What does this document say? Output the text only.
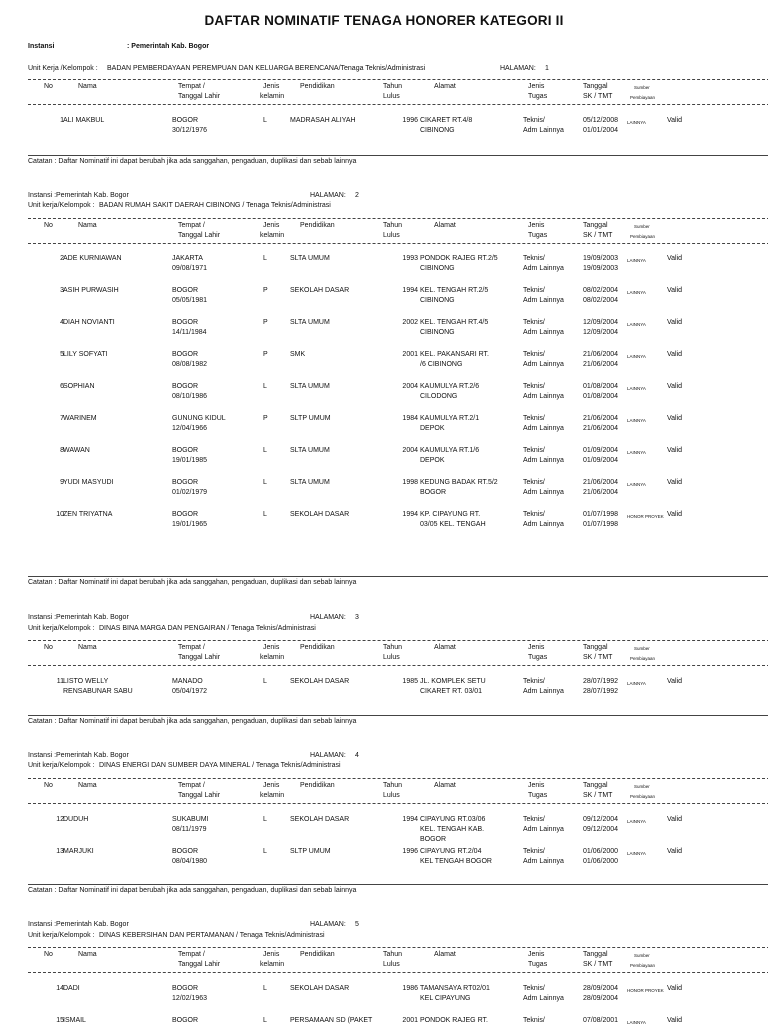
DAFTAR NOMINATIF TENAGA HONORER KATEGORI II
Instansi	: Pemerintah Kab. Bogor
Unit Kerja /Kelompok : BADAN PEMBERDAYAAN PEREMPUAN DAN KELUARGA BERENCANA/Tenaga Teknis/Administrasi	HALAMAN: 1
No	Nama	Tempat /
Tanggal Lahir
Jenis
kelamin
Pendidikan	Tahun
Lulus
Alamat	Jenis
Tugas
Tanggal
SK / TMT
Sumber
Pembiayaan
1 ALI MAKBUL	BOGOR
30/12/1976
L	MADRASAH ALIYAH	1996 CIKARET RT.4/8
CIBINONG
Teknis/
Adm Lainnya
05/12/2008
01/01/2004
LAINNYA	Valid
Catatan : Daftar Nominatif ini dapat berubah jika ada sanggahan, pengaduan, duplikasi dan sebab lainnya
Instansi :Pemerintah Kab. Bogor	HALAMAN: 2
Unit kerja/Kelompok : BADAN RUMAH SAKIT DAERAH CIBINONG / Tenaga Teknis/Administrasi
No	Nama	Tempat /
Tanggal Lahir
Jenis
kelamin
Pendidikan	Tahun
Lulus
Alamat	Jenis
Tugas
Tanggal
SK / TMT
Sumber
Pembiayaan
2 ADE KURNIAWAN	JAKARTA
09/08/1971
L	SLTA UMUM	1993 PONDOK RAJEG RT.2/5
CIBINONG
Teknis/
Adm Lainnya
19/09/2003
19/09/2003
LAINNYA	Valid
3 ASIH PURWASIH	BOGOR
05/05/1981
P	SEKOLAH DASAR	1994 KEL. TENGAH RT.2/5
CIBINONG
Teknis/
Adm Lainnya
08/02/2004
08/02/2004
LAINNYA	Valid
4 DIAH NOVIANTI	BOGOR
14/11/1984
P	SLTA UMUM	2002 KEL. TENGAH RT.4/5
CIBINONG
Teknis/
Adm Lainnya
12/09/2004
12/09/2004
LAINNYA	Valid
5 LILY SOFYATI	BOGOR
08/08/1982
P	SMK	2001 KEL. PAKANSARI RT.
/6 CIBINONG
Teknis/
Adm Lainnya
21/06/2004
21/06/2004
LAINNYA	Valid
6 SOPHIAN	BOGOR
08/10/1986
L	SLTA UMUM	2004 KAUMULYA RT.2/6
CILODONG
Teknis/
Adm Lainnya
01/08/2004
01/08/2004
LAINNYA	Valid
7 WARINEM	GUNUNG KIDUL
12/04/1966
P	SLTP UMUM	1984 KAUMULYA RT.2/1
DEPOK
Teknis/
Adm Lainnya
21/06/2004
21/06/2004
LAINNYA	Valid
8 WAWAN	BOGOR
19/01/1985
L	SLTA UMUM	2004 KAUMULYA RT.1/6
DEPOK
Teknis/
Adm Lainnya
01/09/2004
01/09/2004
LAINNYA	Valid
9 YUDI MASYUDI	BOGOR
01/02/1979
L	SLTA UMUM	1998 KEDUNG BADAK RT.5/2
BOGOR
Teknis/
Adm Lainnya
21/06/2004
21/06/2004
LAINNYA	Valid
10 ZEN TRIYATNA	BOGOR
19/01/1965
L	SEKOLAH DASAR	1994 KP. CIPAYUNG RT.
03/05 KEL. TENGAH
Teknis/
Adm Lainnya
01/07/1998
01/07/1998
HONOR PROYEK Valid
Catatan : Daftar Nominatif ini dapat berubah jika ada sanggahan, pengaduan, duplikasi dan sebab lainnya
Instansi :Pemerintah Kab. Bogor	HALAMAN: 3
Unit kerja/Kelompok : DINAS BINA MARGA DAN PENGAIRAN / Tenaga Teknis/Administrasi
No	Nama	Tempat /
Tanggal Lahir
Jenis
kelamin
Pendidikan	Tahun
Lulus
Alamat	Jenis
Tugas
Tanggal
SK / TMT
Sumber
Pembiayaan
11 LISTO WELLY
RENSABUNAR SABU
MANADO
05/04/1972
L	SEKOLAH DASAR	1985 JL. KOMPLEK SETU
CIKARET RT. 03/01
Teknis/
Adm Lainnya
28/07/1992
28/07/1992
LAINNYA	Valid
Catatan : Daftar Nominatif ini dapat berubah jika ada sanggahan, pengaduan, duplikasi dan sebab lainnya
Instansi :Pemerintah Kab. Bogor	HALAMAN: 4
Unit kerja/Kelompok : DINAS ENERGI DAN SUMBER DAYA MINERAL / Tenaga Teknis/Administrasi
No	Nama	Tempat /
Tanggal Lahir
Jenis
kelamin
Pendidikan	Tahun
Lulus
Alamat	Jenis
Tugas
Tanggal
SK / TMT
Sumber
Pembiayaan
12 DUDUH	SUKABUMI
08/11/1979
L	SEKOLAH DASAR	1994 CIPAYUNG RT.03/06
KEL. TENGAH KAB.
BOGOR
Teknis/
Adm Lainnya
09/12/2004
09/12/2004
LAINNYA	Valid
13 MARJUKI	BOGOR
08/04/1980
L	SLTP UMUM	1996 CIPAYUNG RT.2/04
KEL TENGAH BOGOR
Teknis/
Adm Lainnya
01/06/2000
01/06/2000
LAINNYA	Valid
Catatan : Daftar Nominatif ini dapat berubah jika ada sanggahan, pengaduan, duplikasi dan sebab lainnya
Instansi :Pemerintah Kab. Bogor	HALAMAN: 5
Unit kerja/Kelompok : DINAS KEBERSIHAN DAN PERTAMANAN / Tenaga Teknis/Administrasi
No	Nama	Tempat /
Tanggal Lahir
Jenis
kelamin
Pendidikan	Tahun
Lulus
Alamat	Jenis
Tugas
Tanggal
SK / TMT
Sumber
Pembiayaan
14 DADI	BOGOR
12/02/1963
L	SEKOLAH DASAR	1986 TAMANSAYA RT02/01
KEL CIPAYUNG
Teknis/
Adm Lainnya
28/09/2004
28/09/2004
HONOR PROYEK Valid
15 ISMAIL	BOGOR	L	PERSAMAAN SD (PAKET	2001 PONDOK RAJEG RT.	Teknis/	07/08/2001 LAINNYA	Valid
